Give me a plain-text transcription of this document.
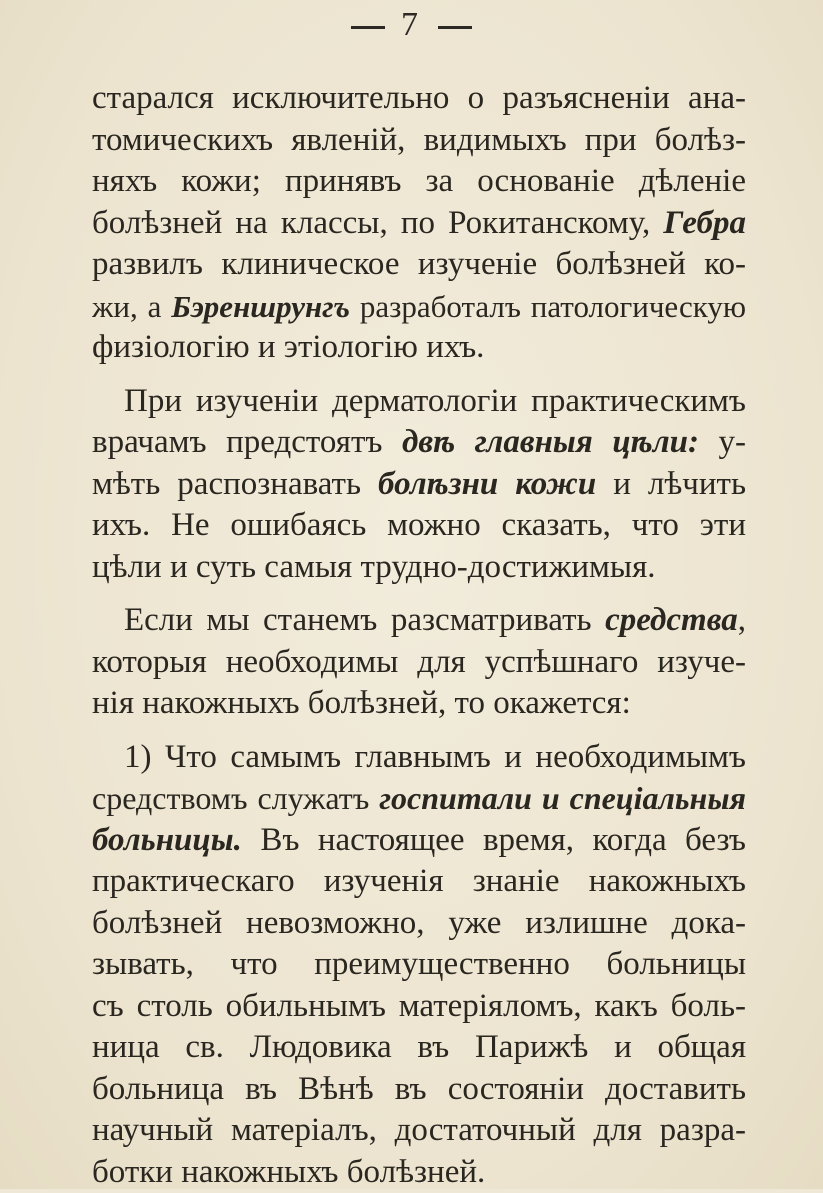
7
старался исключительно о разъясненіи ана-
томическихъ явленій, видимыхъ при болѣз-
няхъ кожи; принявъ за основаніе дѣленіе
болѣзней на классы, по Рокитанскому, Гебра
развилъ клиническое изученіе болѣзней ко-
жи, а Бэреншрунгъ разработалъ патологическую
физіологію и этіологію ихъ.
При изученіи дерматологіи практическимъ
врачамъ предстоятъ двѣ главныя цѣли: у-
мѣть распознавать болѣзни кожи и лѣчить
ихъ. Не ошибаясь можно сказать, что эти
цѣли и суть самыя трудно-достижимыя.
Если мы станемъ разсматривать средства,
которыя необходимы для успѣшнаго изуче-
нія накожныхъ болѣзней, то окажется:
1) Что самымъ главнымъ и необходимымъ
средствомъ служатъ госпитали и спеціальныя
больницы. Въ настоящее время, когда безъ
практическаго изученія знаніе накожныхъ
болѣзней невозможно, уже излишне дока-
зывать, что преимущественно больницы
съ столь обильнымъ матеріяломъ, какъ боль-
ница св. Людовика въ Парижѣ и общая
больница въ Вѣнѣ въ состояніи доставить
научный матеріалъ, достаточный для разра-
ботки накожныхъ болѣзней.
